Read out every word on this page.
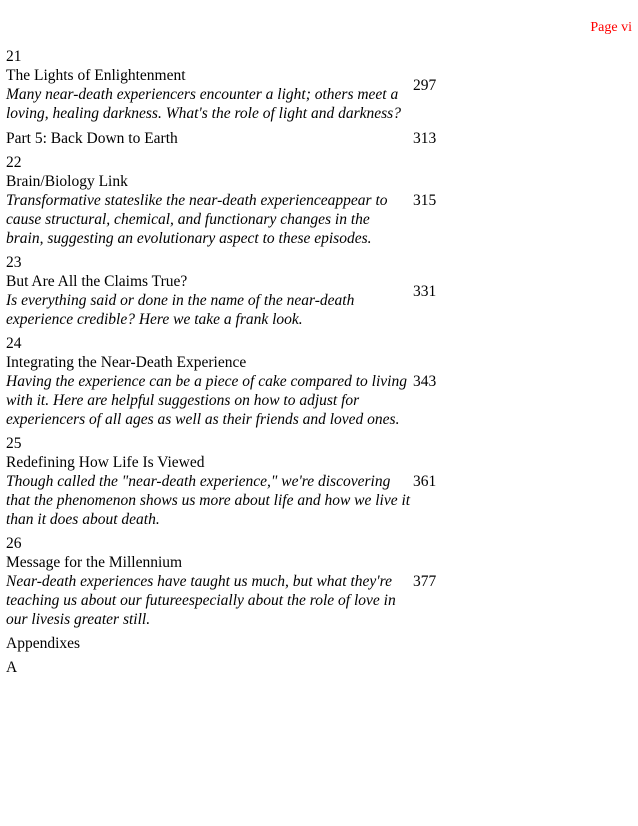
Page vi
21
The Lights of Enlightenment
Many near-death experiencers encounter a light; others meet a loving, healing darkness. What's the role of light and darkness?
297
Part 5: Back Down to Earth	313
22
Brain/Biology Link
Transformative stateslike the near-death experienceappear to cause structural, chemical, and functionary changes in the brain, suggesting an evolutionary aspect to these episodes.
315
23
But Are All the Claims True?
Is everything said or done in the name of the near-death experience credible? Here we take a frank look.
331
24
Integrating the Near-Death Experience
Having the experience can be a piece of cake compared to living with it. Here are helpful suggestions on how to adjust for experiencers of all ages as well as their friends and loved ones.
343
25
Redefining How Life Is Viewed
Though called the "near-death experience," we're discovering that the phenomenon shows us more about life and how we live it than it does about death.
361
26
Message for the Millennium
Near-death experiences have taught us much, but what they're teaching us about our futureespecially about the role of love in our livesis greater still.
377
Appendixes
A
